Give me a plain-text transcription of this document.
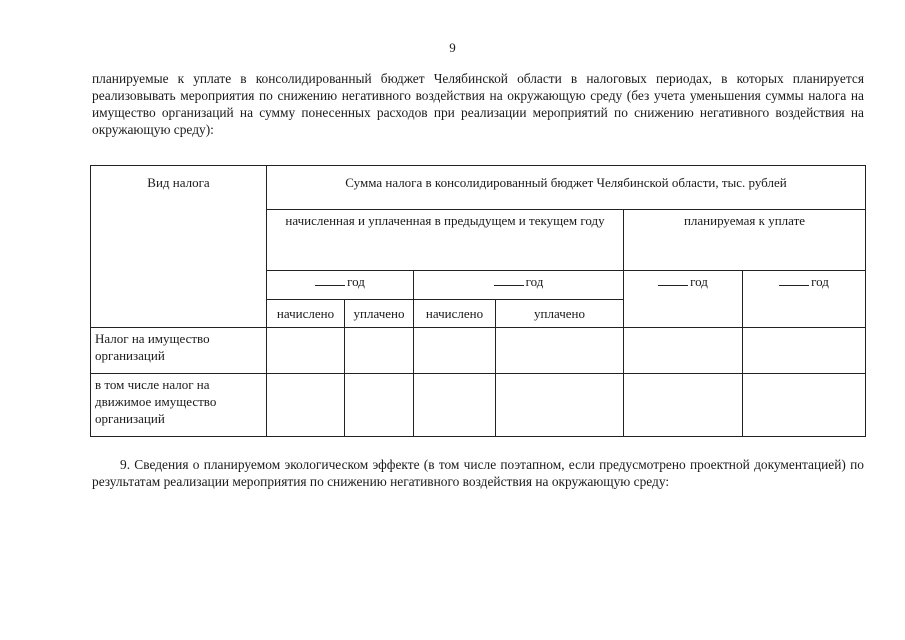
9

планируемые к уплате в консолидированный бюджет Челябинской области в налоговых периодах, в которых планируется реализовывать мероприятия по снижению негативного воздействия на окружающую среду (без учета уменьшения суммы налога на имущество организаций на сумму понесенных расходов при реализации мероприятий по снижению негативного воздействия на окружающую среду):

Вид налога	Сумма налога в консолидированный бюджет Челябинской области, тыс. рублей					
	начисленная и уплаченная в предыдущем и текущем году				планируемая к уплате	
	год		год		год	год
	начислено	уплачено	начислено	уплачено		
Налог на имущество организаций						
в том числе налог на движимое имущество организаций						

9. Сведения о планируемом экологическом эффекте (в том числе поэтапном, если предусмотрено проектной документацией) по результатам реализации мероприятия по снижению негативного воздействия на окружающую среду:
